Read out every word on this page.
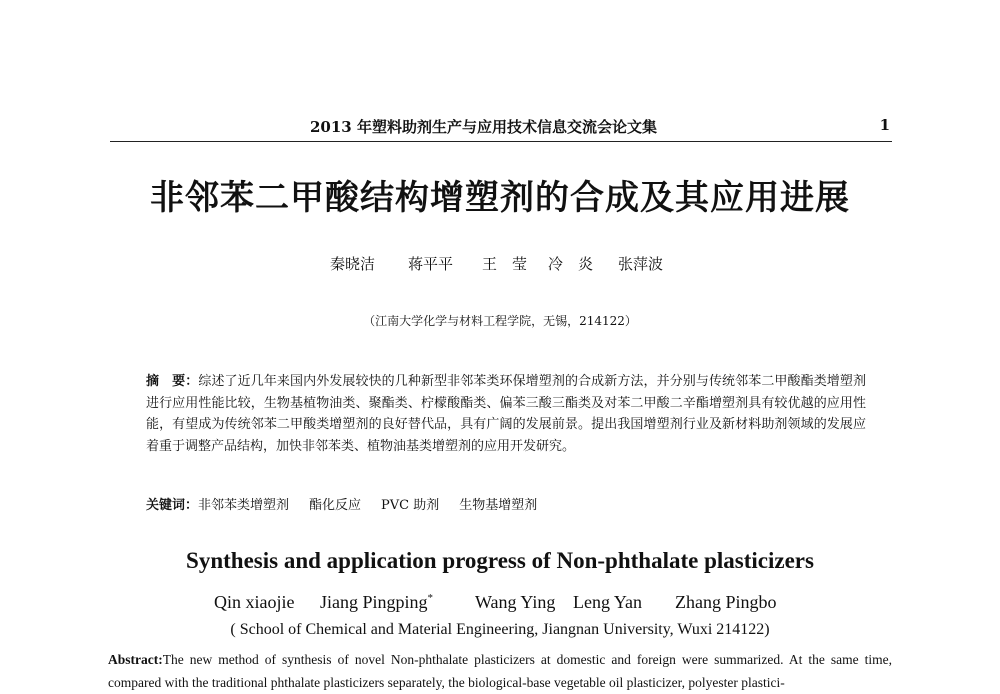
2013 年塑料助剂生产与应用技术信息交流会论文集	1
非邻苯二甲酸结构增塑剂的合成及其应用进展
秦晓洁 蒋平平 王　莹 冷　炎 张萍波
（江南大学化学与材料工程学院，无锡，214122）
摘　要：综述了近几年来国内外发展较快的几种新型非邻苯类环保增塑剂的合成新方法，并分别与传统邻苯二甲酸酯类增塑剂进行应用性能比较，生物基植物油类、聚酯类、柠檬酸酯类、偏苯三酸三酯类及对苯二甲酸二辛酯增塑剂具有较优越的应用性能，有望成为传统邻苯二甲酸类增塑剂的良好替代品，具有广阔的发展前景。提出我国增塑剂行业及新材料助剂领域的发展应着重于调整产品结构，加快非邻苯类、植物油基类增塑剂的应用开发研究。
关键词：非邻苯类增塑剂 酯化反应 PVC 助剂 生物基增塑剂
Synthesis and application progress of Non-phthalate plasticizers
Qin xiaojie Jiang Pingping* Wang Ying Leng Yan Zhang Pingbo
( School of Chemical and Material Engineering, Jiangnan University, Wuxi 214122)
Abstract:The new method of synthesis of novel Non-phthalate plasticizers at domestic and foreign were summarized. At the same time, compared with the traditional phthalate plasticizers separately, the biological-base vegetable oil plasticizer, polyester plastici-
